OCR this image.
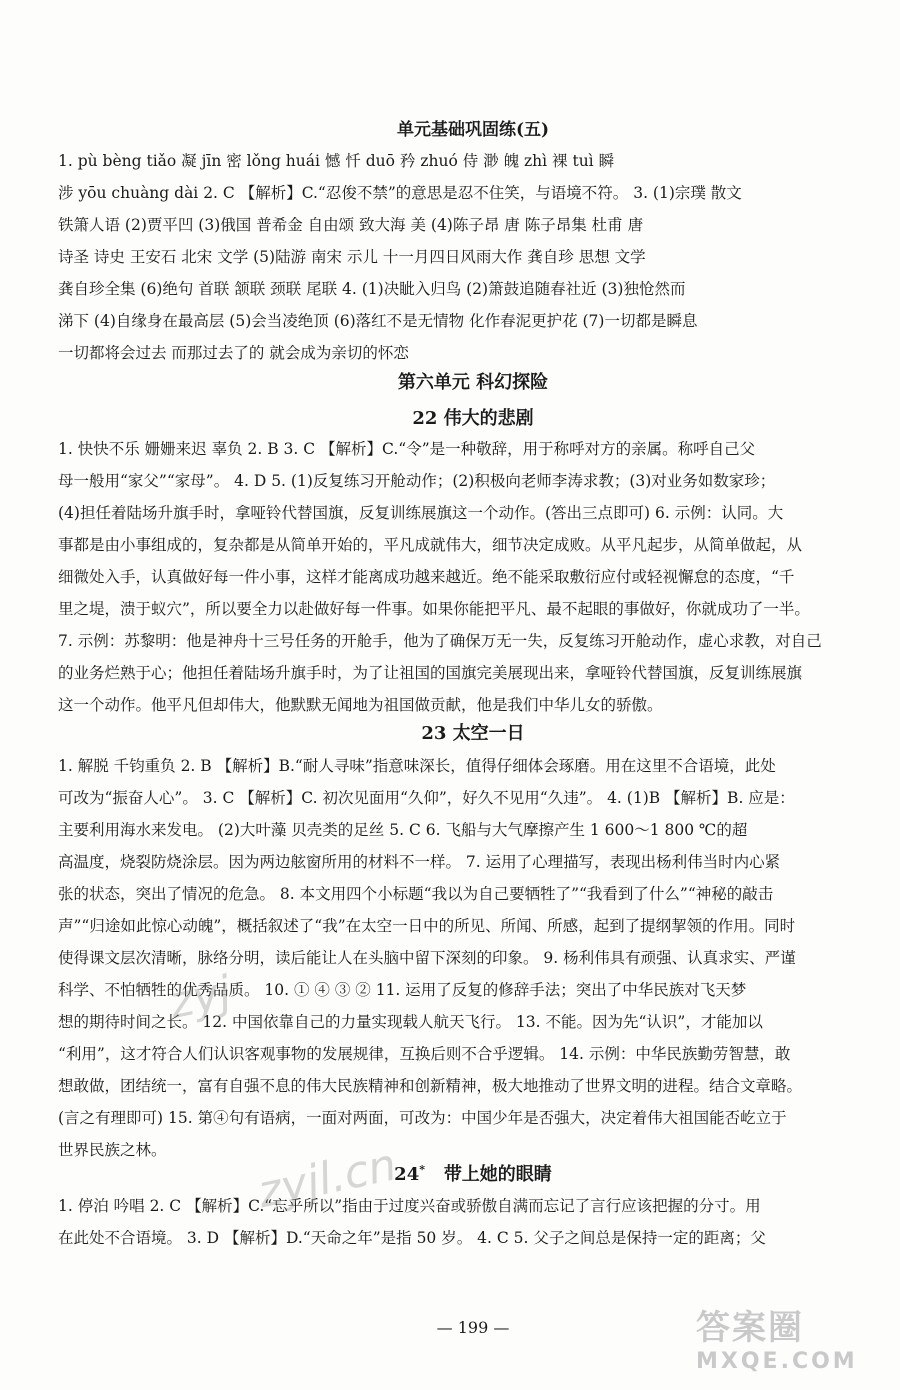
单元基础巩固练(五)

1. pù bèng tiǎo 凝 jīn 密 lǒng huái 憾 忏 duō 矜 zhuó 侍 渺 魄 zhì 裸 tuì 瞬

涉 yōu chuàng dài 2. C 【解析】C.“忍俊不禁”的意思是忍不住笑，与语境不符。 3. (1)宗璞 散文

铁箫人语 (2)贾平凹 (3)俄国 普希金 自由颂 致大海 美 (4)陈子昂 唐 陈子昂集 杜甫 唐

诗圣 诗史 王安石 北宋 文学 (5)陆游 南宋 示儿 十一月四日风雨大作 龚自珍 思想 文学

龚自珍全集 (6)绝句 首联 颔联 颈联 尾联 4. (1)决眦入归鸟 (2)箫鼓追随春社近 (3)独怆然而

涕下 (4)自缘身在最高层 (5)会当凌绝顶 (6)落红不是无情物 化作春泥更护花 (7)一切都是瞬息

一切都将会过去 而那过去了的 就会成为亲切的怀恋

第六单元 科幻探险
22 伟大的悲剧

1. 快快不乐 姗姗来迟 辜负 2. B 3. C 【解析】C.“令”是一种敬辞，用于称呼对方的亲属。称呼自己父

母一般用“家父”“家母”。 4. D 5. (1)反复练习开舱动作；(2)积极向老师李涛求教；(3)对业务如数家珍；

(4)担任着陆场升旗手时，拿哑铃代替国旗，反复训练展旗这一个动作。(答出三点即可) 6. 示例：认同。大

事都是由小事组成的，复杂都是从简单开始的，平凡成就伟大，细节决定成败。从平凡起步，从简单做起，从

细微处入手，认真做好每一件小事，这样才能离成功越来越近。绝不能采取敷衍应付或轻视懈怠的态度，“千

里之堤，溃于蚁穴”，所以要全力以赴做好每一件事。如果你能把平凡、最不起眼的事做好，你就成功了一半。

7. 示例：苏黎明：他是神舟十三号任务的开舱手，他为了确保万无一失，反复练习开舱动作，虚心求教，对自己

的业务烂熟于心；他担任着陆场升旗手时，为了让祖国的国旗完美展现出来，拿哑铃代替国旗，反复训练展旗

这一个动作。他平凡但却伟大，他默默无闻地为祖国做贡献，他是我们中华儿女的骄傲。

23 太空一日

1. 解脱 千钧重负 2. B 【解析】B.“耐人寻味”指意味深长，值得仔细体会琢磨。用在这里不合语境，此处

可改为“振奋人心”。 3. C 【解析】C. 初次见面用“久仰”，好久不见用“久违”。 4. (1)B 【解析】B. 应是：

主要利用海水来发电。 (2)大叶藻 贝壳类的足丝 5. C 6. 飞船与大气摩擦产生 1 600～1 800 ℃的超

高温度，烧裂防烧涂层。因为两边舷窗所用的材料不一样。 7. 运用了心理描写，表现出杨利伟当时内心紧

张的状态，突出了情况的危急。 8. 本文用四个小标题“我以为自己要牺牲了”“我看到了什么”“神秘的敲击

声”“归途如此惊心动魄”，概括叙述了“我”在太空一日中的所见、所闻、所感，起到了提纲挈领的作用。同时

使得课文层次清晰，脉络分明，读后能让人在头脑中留下深刻的印象。 9. 杨利伟具有顽强、认真求实、严谨

科学、不怕牺牲的优秀品质。 10. ① ④ ③ ② 11. 运用了反复的修辞手法；突出了中华民族对飞天梦

想的期待时间之长。 12. 中国依靠自己的力量实现载人航天飞行。 13. 不能。因为先“认识”，才能加以

“利用”，这才符合人们认识客观事物的发展规律，互换后则不合乎逻辑。 14. 示例：中华民族勤劳智慧，敢

想敢做，团结统一，富有自强不息的伟大民族精神和创新精神，极大地推动了世界文明的进程。结合文章略。

(言之有理即可) 15. 第④句有语病，一面对两面，可改为：中国少年是否强大，决定着伟大祖国能否屹立于

世界民族之林。

24* 带上她的眼睛

1. 停泊 吟唱 2. C 【解析】C.“忘乎所以”指由于过度兴奋或骄傲自满而忘记了言行应该把握的分寸。用

在此处不合语境。 3. D 【解析】D.“天命之年”是指 50 岁。 4. C 5. 父子之间总是保持一定的距离；父

— 199 —
zyj
zyjl.cn
答案圈
MXQE.COM
